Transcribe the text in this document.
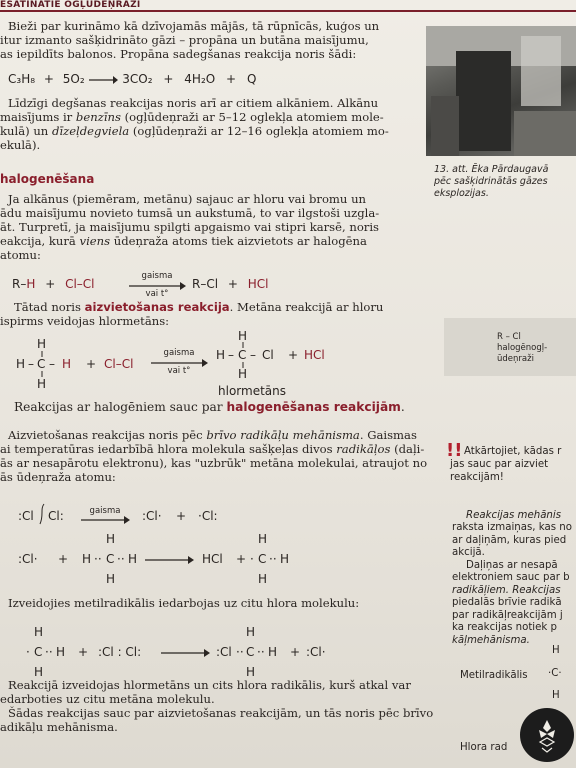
ESĀTINĀTIE OGĻŪDEŅRAŽI
Bieži par kurināmo kā dzīvojamās mājās, tā rūpnīcās, kuģos un
itur izmanto sašķidrināto gāzi – propāna un butāna maisījumu,
as iepildīts balonos. Propāna sadegšanas reakcija noris šādi:
C₃H₈ + 5O₂ → 3CO₂ + 4H₂O + Q
Līdzīgi degšanas reakcijas noris arī ar citiem alkāniem. Alkānu
maisījums ir benzīns (ogļūdeņraži ar 5–12 oglekļa atomiem mole-
kulā) un dīzeļdegviela (ogļūdeņraži ar 12–16 oglekļa atomiem mo-
ekulā).
halogenēšana
Ja alkānus (piemēram, metānu) sajauc ar hloru vai bromu un
ādu maisījumu novieto tumsā un aukstumā, to var ilgstoši uzgla-
āt. Turpretī, ja maisījumu spilgti apgaismo vai stipri karsē, noris
eakcija, kurā viens ūdeņraža atoms tiek aizvietots ar halogēna
atomu:
R–H + Cl–Cl
gaisma
vai t°
R–Cl + HCl
Tātad noris aizvietošanas reakcija. Metāna reakcijā ar hloru
ispirms veidojas hlormetāns:
H
H – C – H
H
+ Cl–Cl
gaisma
vai t°
H
H – C – Cl
H
+ HCl
hlormetāns
Reakcijas ar halogēniem sauc par halogenēšanas reakcijām.
Aizvietošanas reakcijas noris pēc brīvo radikāļu mehānisma. Gaismas
ai temperatūras iedarbībā hlora molekula sašķeļas divos radikāļos (daļi-
ās ar nesapārotu elektronu), kas "uzbrūk" metāna molekulai, atraujot no
ās ūdeņraža atomu:
:Cl Cl:	gaisma → :Cl· + ·Cl:
:Cl· + H ··
H
C ·· H
H
→ HCl +
H
· C ·· H
H
Izveidojies metilradikālis iedarbojas uz citu hlora molekulu:
H
· C ·· H
H
+ :Cl : Cl: → :Cl ··
H
C ·· H
H
+ :Cl·
Reakcijā izveidojas hlormetāns un cits hlora radikālis, kurš atkal var
edarboties uz citu metāna molekulu.
Šādas reakcijas sauc par aizvietošanas reakcijām, un tās noris pēc brīvo
adikāļu mehānisma.
13. att. Ēka Pārdaugavā
pēc sašķidrinātās gāzes
eksplozijas.
R – Cl
halogēnogļ-
ūdeņraži
!! Atkārtojiet, kādas r
jas sauc par aizviet
reakcijām!
Reakcijas mehānis
raksta izmaiņas, kas no
ar daļiņām, kuras pied
akcijā.
Daļiņas ar nesapā
elektroniem sauc par b
radikāļiem. Reakcijas
piedalās brīvie radikā
par radikāļreakcijām j
ka reakcijas notiek p
kāļmehānisma.
H
Metilradikālis ·C·
H
Hlora rad
